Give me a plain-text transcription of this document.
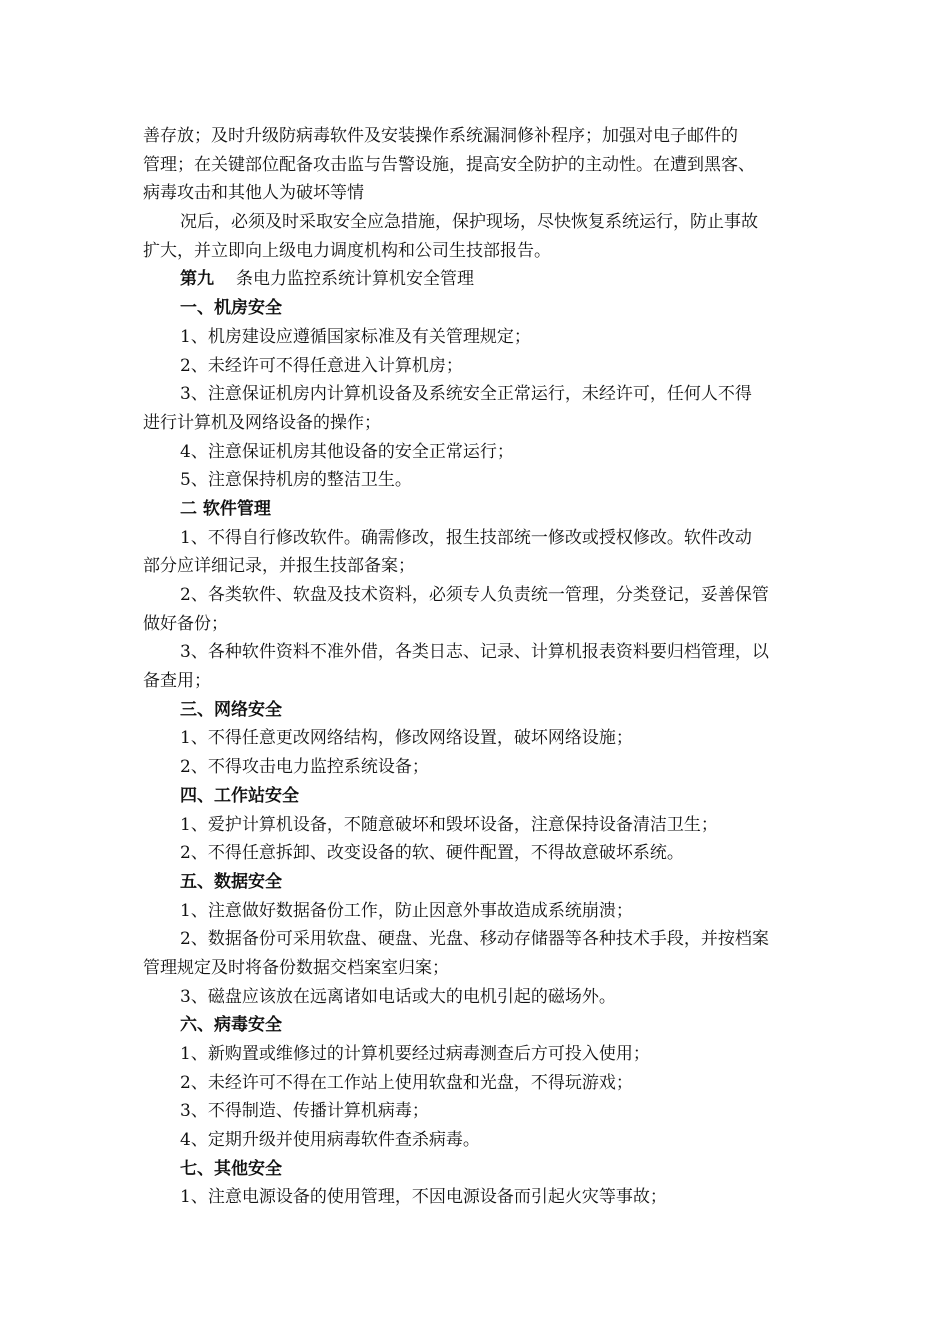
善存放；及时升级防病毒软件及安装操作系统漏洞修补程序；加强对电子邮件的
管理；在关键部位配备攻击监与告警设施，提高安全防护的主动性。在遭到黑客、
病毒攻击和其他人为破坏等情
况后，必须及时采取安全应急措施，保护现场，尽快恢复系统运行，防止事故
扩大，并立即向上级电力调度机构和公司生技部报告。
第九 条电力监控系统计算机安全管理
一、机房安全
1、机房建设应遵循国家标准及有关管理规定；
2、未经许可不得任意进入计算机房；
3、注意保证机房内计算机设备及系统安全正常运行，未经许可，任何人不得
进行计算机及网络设备的操作；
4、注意保证机房其他设备的安全正常运行；
5、注意保持机房的整洁卫生。
二 软件管理
1、不得自行修改软件。确需修改，报生技部统一修改或授权修改。软件改动
部分应详细记录，并报生技部备案；
2、各类软件、软盘及技术资料，必须专人负责统一管理，分类登记，妥善保管
做好备份；
3、各种软件资料不准外借，各类日志、记录、计算机报表资料要归档管理，以
备查用；
三、网络安全
1、不得任意更改网络结构，修改网络设置，破坏网络设施；
2、不得攻击电力监控系统设备；
四、工作站安全
1、爱护计算机设备，不随意破坏和毁坏设备，注意保持设备清洁卫生；
2、不得任意拆卸、改变设备的软、硬件配置，不得故意破坏系统。
五、数据安全
1、注意做好数据备份工作，防止因意外事故造成系统崩溃；
2、数据备份可采用软盘、硬盘、光盘、移动存储器等各种技术手段，并按档案
管理规定及时将备份数据交档案室归案；
3、磁盘应该放在远离诸如电话或大的电机引起的磁场外。
六、病毒安全
1、新购置或维修过的计算机要经过病毒测查后方可投入使用；
2、未经许可不得在工作站上使用软盘和光盘，不得玩游戏；
3、不得制造、传播计算机病毒；
4、定期升级并使用病毒软件查杀病毒。
七、其他安全
1、注意电源设备的使用管理，不因电源设备而引起火灾等事故；
